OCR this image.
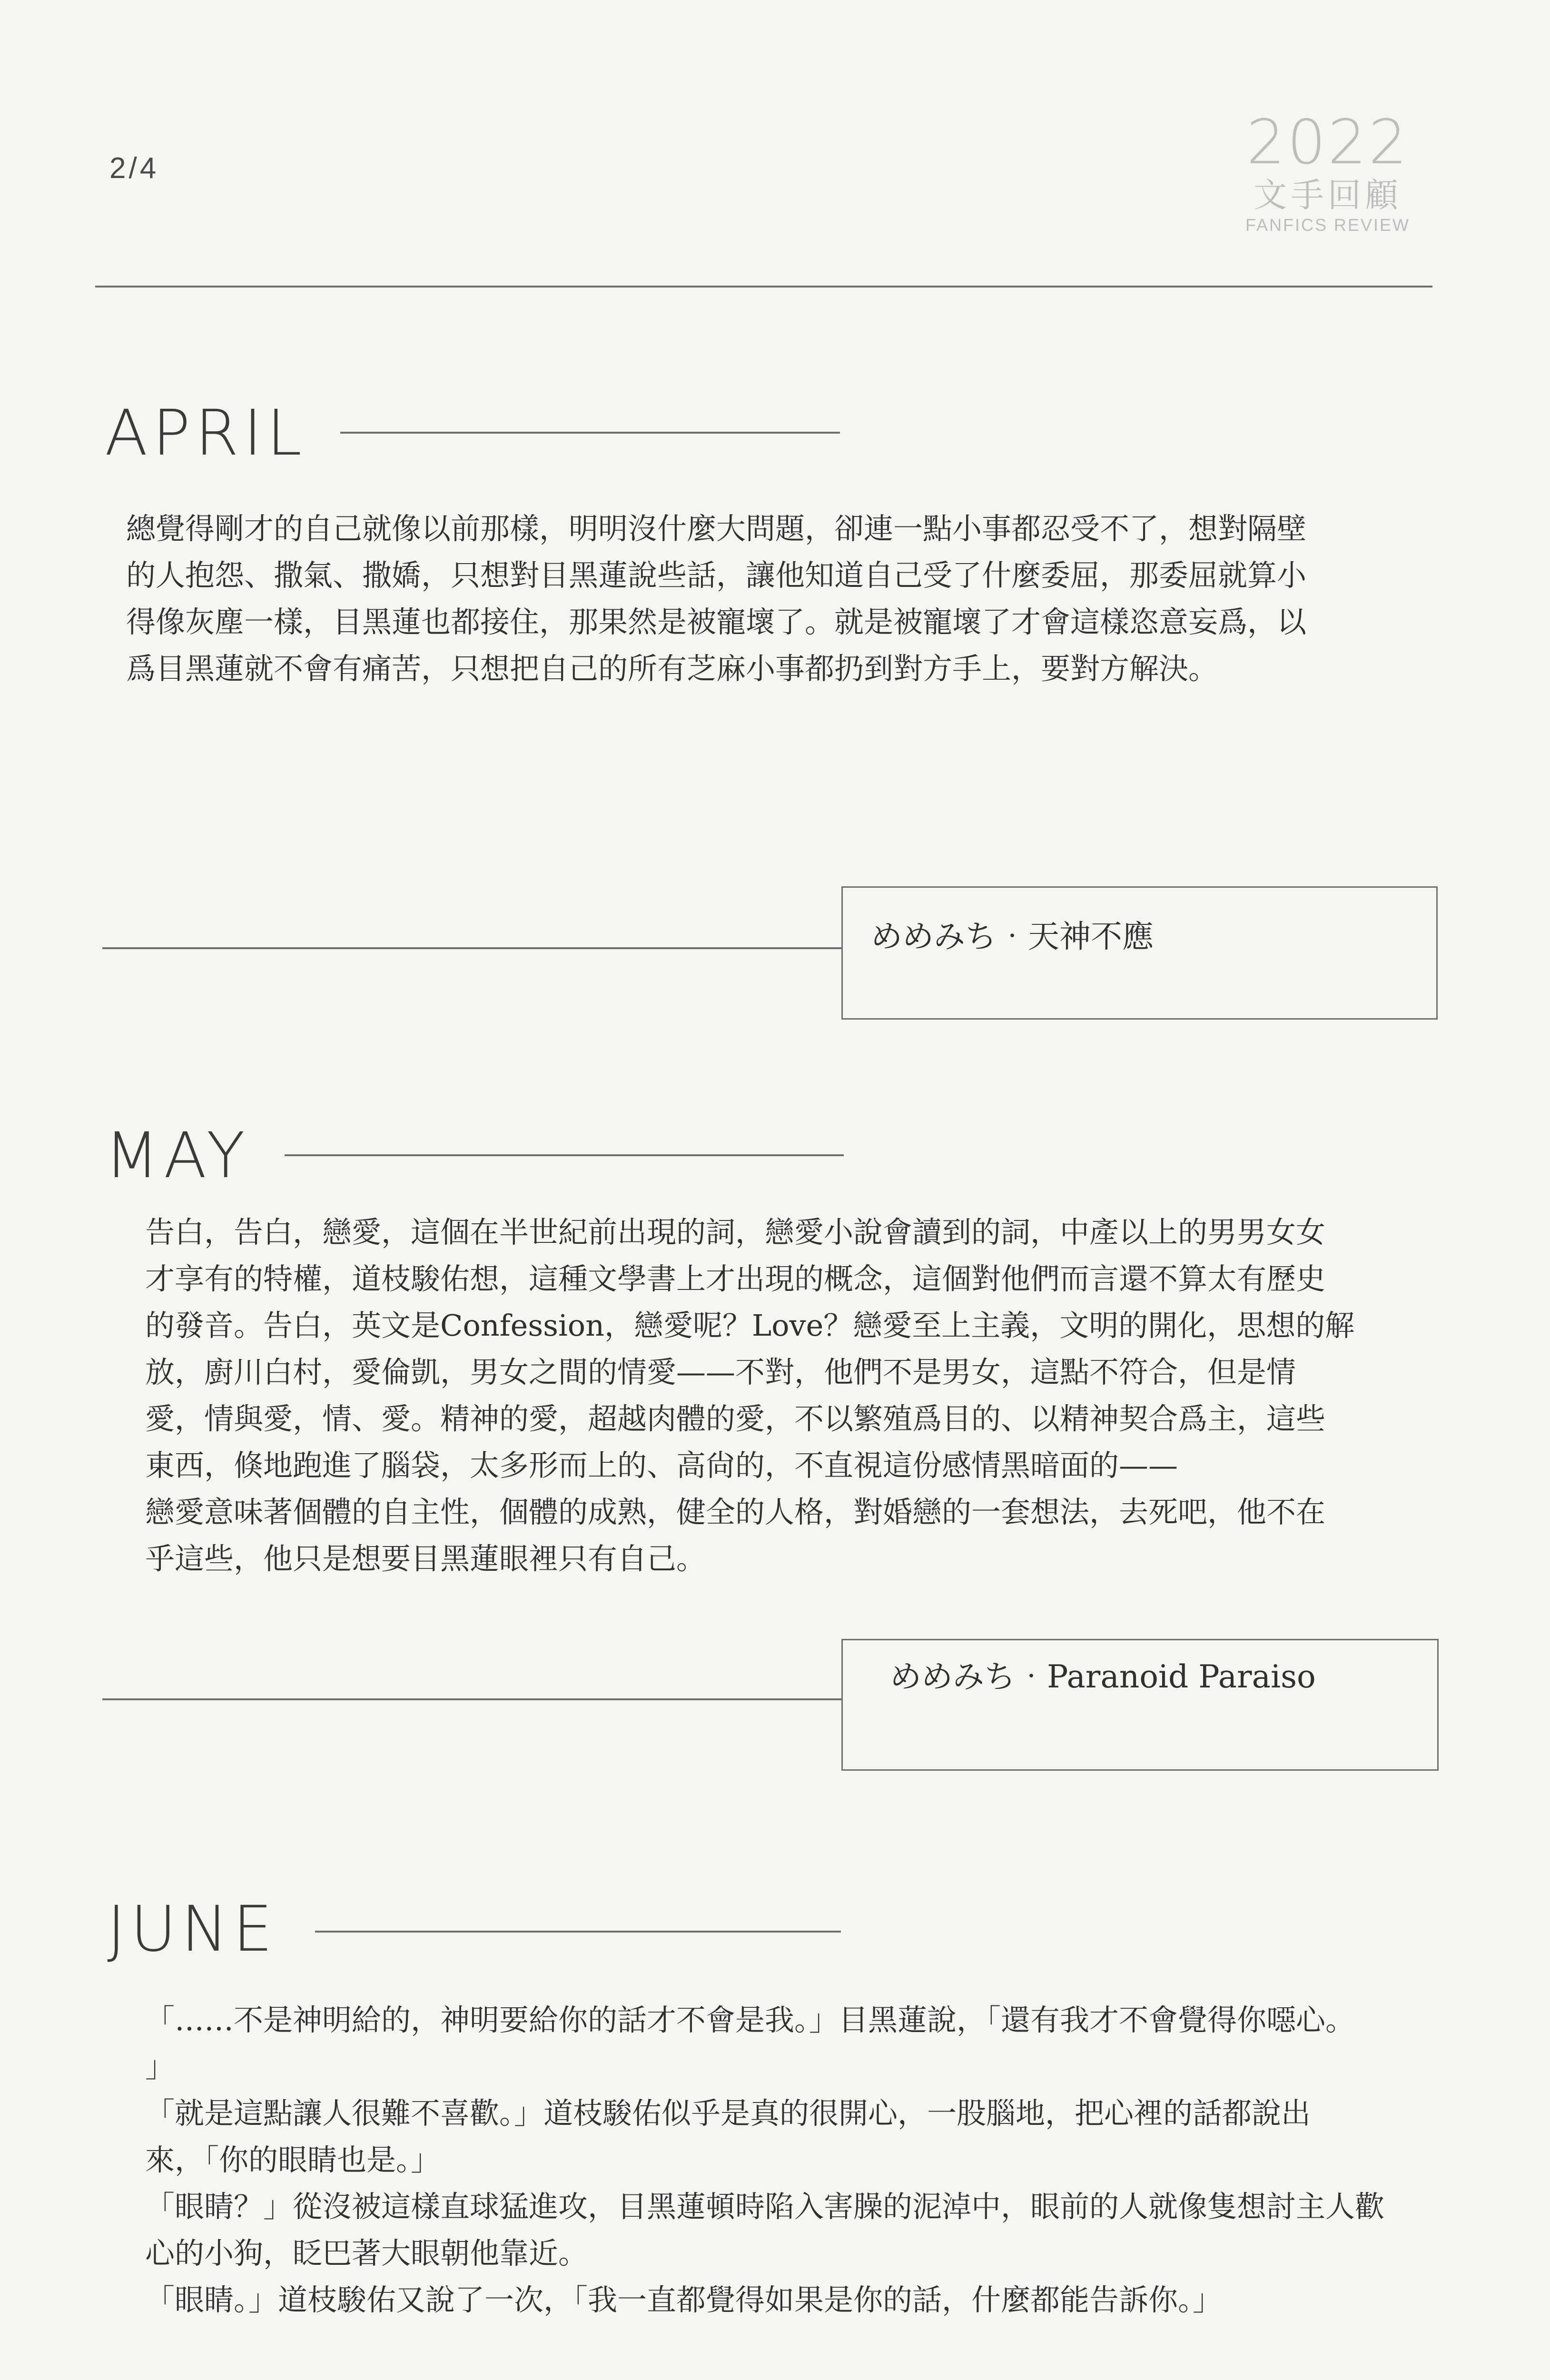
2/4	2022
文手回顧
FANFICS REVIEW
APRIL
總覺得剛才的自己就像以前那樣，明明沒什麼大問題，卻連一點小事都忍受不了，想對隔壁
的人抱怨、撒氣、撒嬌，只想對目黑蓮說些話，讓他知道自己受了什麼委屈，那委屈就算小
得像灰塵一樣，目黑蓮也都接住，那果然是被寵壞了。就是被寵壞了才會這樣恣意妄爲，以
爲目黑蓮就不會有痛苦，只想把自己的所有芝麻小事都扔到對方手上，要對方解決。
めめみち‧天神不應
MAY
告白，告白，戀愛，這個在半世紀前出現的詞，戀愛小說會讀到的詞，中產以上的男男女女
才享有的特權，道枝駿佑想，這種文學書上才出現的概念，這個對他們而言還不算太有歷史
的發音。告白，英文是Confession，戀愛呢？Love？戀愛至上主義，文明的開化，思想的解
放，廚川白村，愛倫凱，男女之間的情愛——不對，他們不是男女，這點不符合，但是情
愛，情與愛，情、愛。精神的愛，超越肉體的愛，不以繁殖爲目的、以精神契合爲主，這些
東西，倏地跑進了腦袋，太多形而上的、高尙的，不直視這份感情黑暗面的——
戀愛意味著個體的自主性，個體的成熟，健全的人格，對婚戀的一套想法，去死吧，他不在
乎這些，他只是想要目黑蓮眼裡只有自己。
めめみち‧Paranoid Paraiso
JUNE
「……不是神明給的，神明要給你的話才不會是我。」目黑蓮說，「還有我才不會覺得你噁心。
」
「就是這點讓人很難不喜歡。」道枝駿佑似乎是真的很開心，一股腦地，把心裡的話都說出
來，「你的眼睛也是。」
「眼睛？」從沒被這樣直球猛進攻，目黑蓮頓時陷入害臊的泥淖中，眼前的人就像隻想討主人歡
心的小狗，眨巴著大眼朝他靠近。
「眼睛。」道枝駿佑又說了一次，「我一直都覺得如果是你的話，什麼都能告訴你。」
